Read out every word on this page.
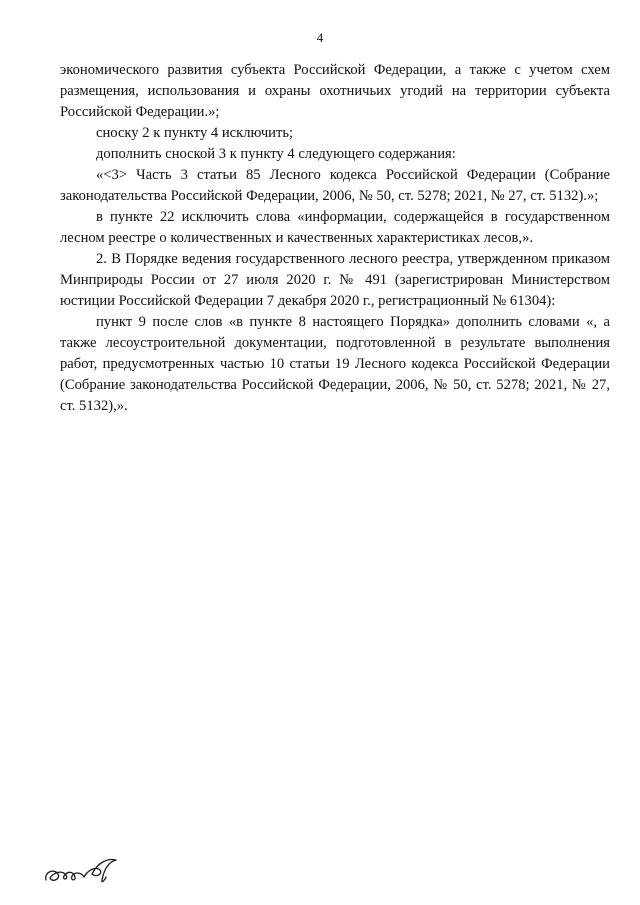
4

экономического развития субъекта Российской Федерации, а также с учетом схем размещения, использования и охраны охотничьих угодий на территории субъекта Российской Федерации.»;

сноску 2 к пункту 4 исключить;

дополнить сноской 3 к пункту 4 следующего содержания:

«<3> Часть 3 статьи 85 Лесного кодекса Российской Федерации (Собрание законодательства Российской Федерации, 2006, № 50, ст. 5278; 2021, № 27, ст. 5132).»;

в пункте 22 исключить слова «информации, содержащейся в государственном лесном реестре о количественных и качественных характеристиках лесов,».

2. В Порядке ведения государственного лесного реестра, утвержденном приказом Минприроды России от 27 июля 2020 г. № 491 (зарегистрирован Министерством юстиции Российской Федерации 7 декабря 2020 г., регистрационный № 61304):

пункт 9 после слов «в пункте 8 настоящего Порядка» дополнить словами «, а также лесоустроительной документации, подготовленной в результате выполнения работ, предусмотренных частью 10 статьи 19 Лесного кодекса Российской Федерации (Собрание законодательства Российской Федерации, 2006, № 50, ст. 5278; 2021, № 27, ст. 5132),».
